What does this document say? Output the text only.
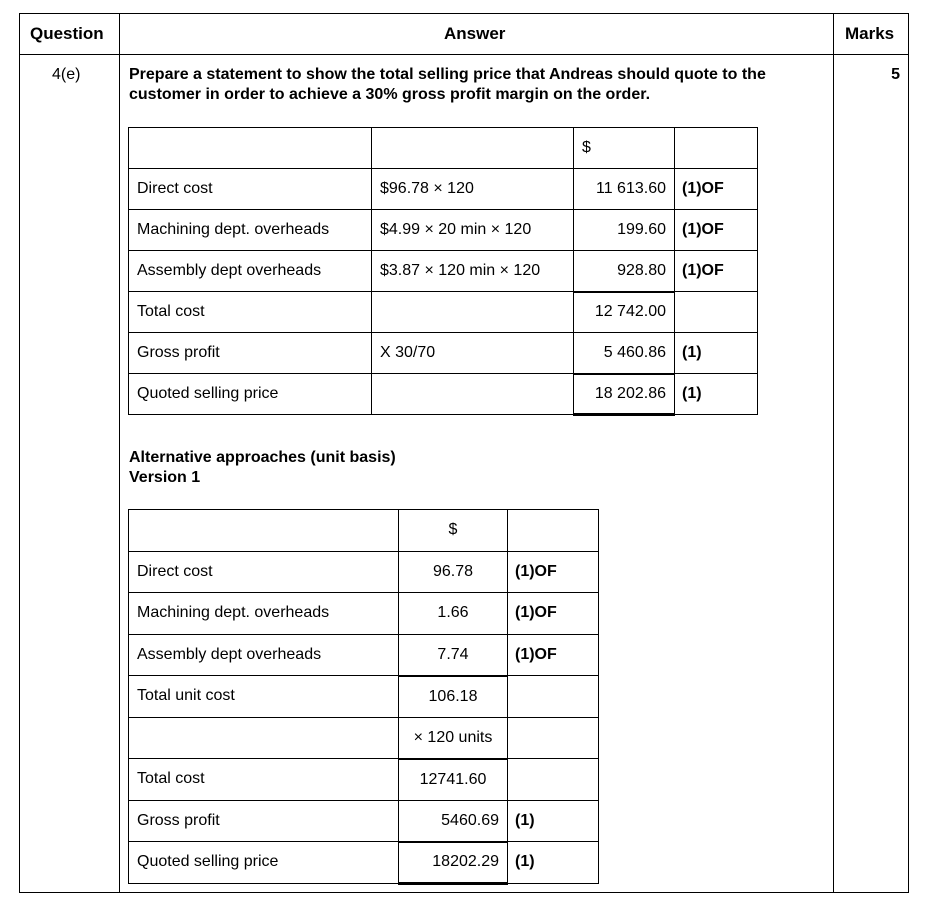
Question	Answer	Marks
4(e)	5
Prepare a statement to show the total selling price that Andreas should quote to the customer in order to achieve a 30% gross profit margin on the order.
		$	
Direct cost	$96.78 × 120	11 613.60	(1)OF
Machining dept. overheads	$4.99 × 20 min × 120	199.60	(1)OF
Assembly dept overheads	$3.87 × 120 min × 120	928.80	(1)OF
Total cost		12 742.00	
Gross profit	X 30/70	5 460.86	(1)
Quoted selling price		18 202.86	(1)
Alternative approaches (unit basis)
Version 1
	$	
Direct cost	96.78	(1)OF
Machining dept. overheads	1.66	(1)OF
Assembly dept overheads	7.74	(1)OF
Total unit cost	106.18	
	× 120 units	
Total cost	12741.60	
Gross profit	5460.69	(1)
Quoted selling price	18202.29	(1)
